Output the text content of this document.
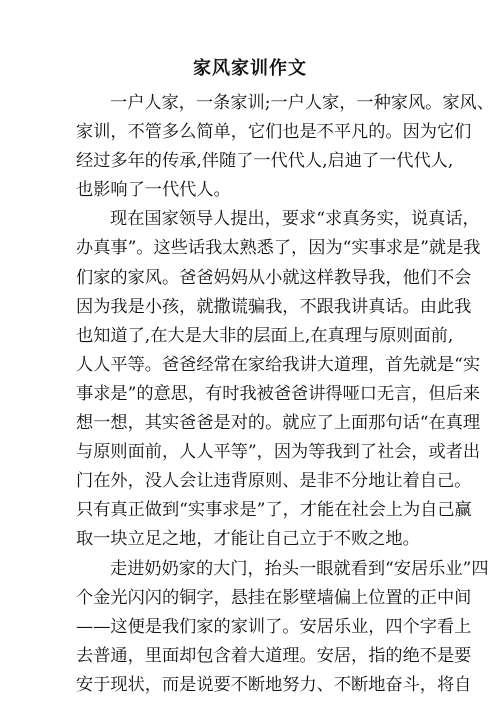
家风家训作文
一户人家，一条家训;一户人家，一种家风。家风、
家训，不管多么简单，它们也是不平凡的。因为它们
经过多年的传承,伴随了一代代人,启迪了一代代人,
也影响了一代代人。
现在国家领导人提出，要求“求真务实，说真话，
办真事”。这些话我太熟悉了，因为“实事求是”就是我
们家的家风。爸爸妈妈从小就这样教导我，他们不会
因为我是小孩，就撒谎骗我，不跟我讲真话。由此我
也知道了,在大是大非的层面上,在真理与原则面前,
人人平等。爸爸经常在家给我讲大道理，首先就是“实
事求是”的意思，有时我被爸爸讲得哑口无言，但后来
想一想，其实爸爸是对的。就应了上面那句话“在真理
与原则面前，人人平等”，因为等我到了社会，或者出
门在外，没人会让违背原则、是非不分地让着自己。
只有真正做到“实事求是”了，才能在社会上为自己赢
取一块立足之地，才能让自己立于不败之地。
走进奶奶家的大门，抬头一眼就看到“安居乐业”四
个金光闪闪的铜字，悬挂在影壁墙偏上位置的正中间
——这便是我们家的家训了。安居乐业，四个字看上
去普通，里面却包含着大道理。安居，指的绝不是要
安于现状，而是说要不断地努力、不断地奋斗，将自
